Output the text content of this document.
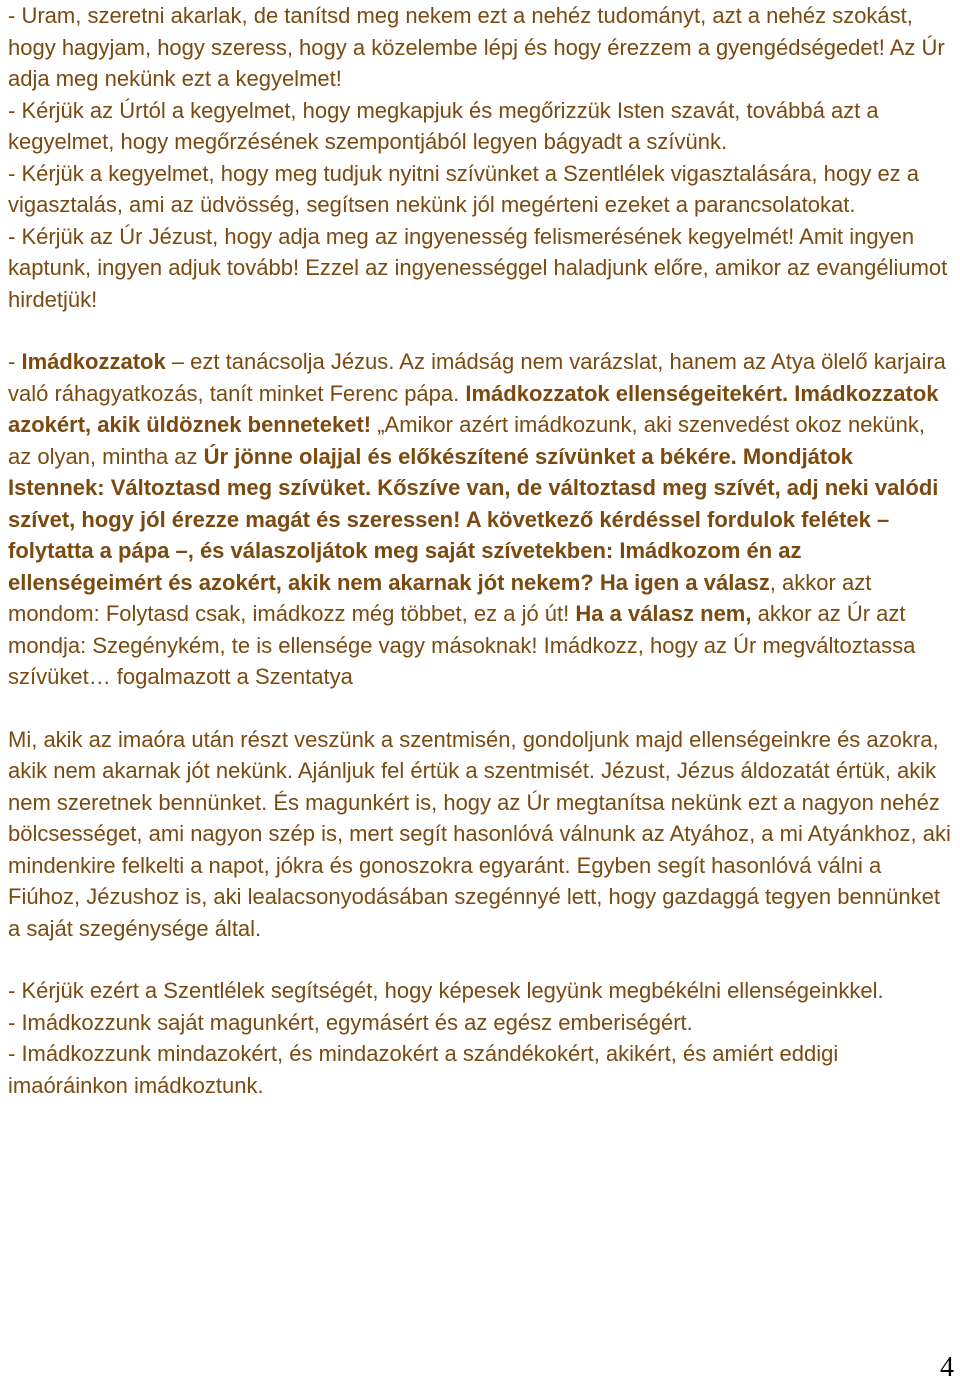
- Uram, szeretni akarlak, de tanítsd meg nekem ezt a nehéz tudományt, azt a nehéz szokást, hogy hagyjam, hogy szeress, hogy a közelembe lépj és hogy érezzem a gyengédségedet! Az Úr adja meg nekünk ezt a kegyelmet!

- Kérjük az Úrtól a kegyelmet, hogy megkapjuk és megőrizzük Isten szavát, továbbá azt a kegyelmet, hogy megőrzésének szempontjából legyen bágyadt a szívünk.

- Kérjük a kegyelmet, hogy meg tudjuk nyitni szívünket a Szentlélek vigasztalására, hogy ez a vigasztalás, ami az üdvösség, segítsen nekünk jól megérteni ezeket a parancsolatokat.

- Kérjük az Úr Jézust, hogy adja meg az ingyenesség felismerésének kegyelmét! Amit ingyen kaptunk, ingyen adjuk tovább! Ezzel az ingyenességgel haladjunk előre, amikor az evangéliumot hirdetjük!

- Imádkozzatok – ezt tanácsolja Jézus. Az imádság nem varázslat, hanem az Atya ölelő karjaira való ráhagyatkozás, tanít minket Ferenc pápa. Imádkozzatok ellenségeitekért. Imádkozzatok azokért, akik üldöznek benneteket! „Amikor azért imádkozunk, aki szenvedést okoz nekünk, az olyan, mintha az Úr jönne olajjal és előkészítené szívünket a békére. Mondjátok Istennek: Változtasd meg szívüket. Kőszíve van, de változtasd meg szívét, adj neki valódi szívet, hogy jól érezze magát és szeressen! A következő kérdéssel fordulok felétek – folytatta a pápa –, és válaszoljátok meg saját szívetekben: Imádkozom én az ellenségeimért és azokért, akik nem akarnak jót nekem? Ha igen a válasz, akkor azt mondom: Folytasd csak, imádkozz még többet, ez a jó út! Ha a válasz nem, akkor az Úr azt mondja: Szegénykém, te is ellensége vagy másoknak! Imádkozz, hogy az Úr megváltoztassa szívüket… fogalmazott a Szentatya

Mi, akik az imaóra után részt veszünk a szentmisén, gondoljunk majd ellenségeinkre és azokra, akik nem akarnak jót nekünk. Ajánljuk fel értük a szentmisét. Jézust, Jézus áldozatát értük, akik nem szeretnek bennünket. És magunkért is, hogy az Úr megtanítsa nekünk ezt a nagyon nehéz bölcsességet, ami nagyon szép is, mert segít hasonlóvá válnunk az Atyához, a mi Atyánkhoz, aki mindenkire felkelti a napot, jókra és gonoszokra egyaránt. Egyben segít hasonlóvá válni a Fiúhoz, Jézushoz is, aki lealacsonyodásában szegénnyé lett, hogy gazdaggá tegyen bennünket a saját szegénysége által.

- Kérjük ezért a Szentlélek segítségét, hogy képesek legyünk megbékélni ellenségeinkkel.

- Imádkozzunk saját magunkért, egymásért és az egész emberiségért.

- Imádkozzunk mindazokért, és mindazokért a szándékokért, akikért, és amiért eddigi imaóráinkon imádkoztunk.

4
